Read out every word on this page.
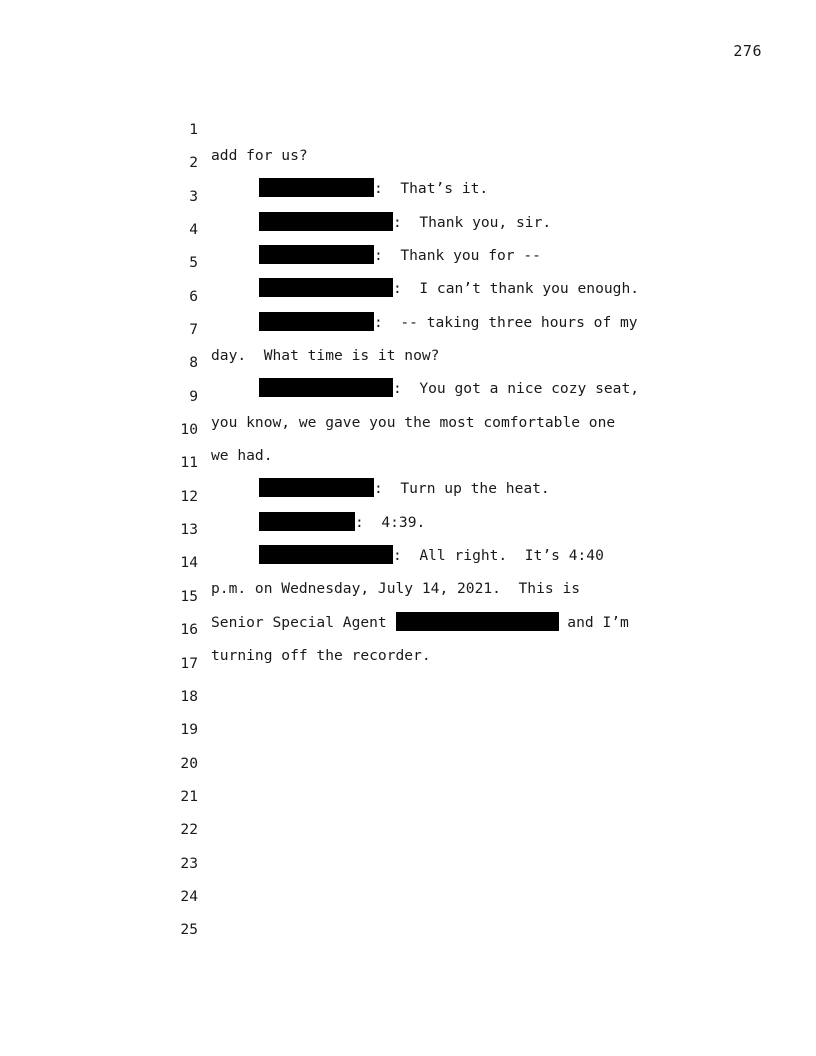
276

1

add for us?

2

:  That’s it.

3

:  Thank you, sir.

4

:  Thank you for --

5

:  I can’t thank you enough.

6

:  -- taking three hours of my

7

day.  What time is it now?

8

:  You got a nice cozy seat,

9

you know, we gave you the most comfortable one

10

we had.

11

:  Turn up the heat.

12

:  4:39.

13

:  All right.  It’s 4:40

14

p.m. on Wednesday, July 14, 2021.  This is

15

Senior Special Agent	and I’m

16

turning off the recorder.

17

18

19

20

21

22

23

24

25
